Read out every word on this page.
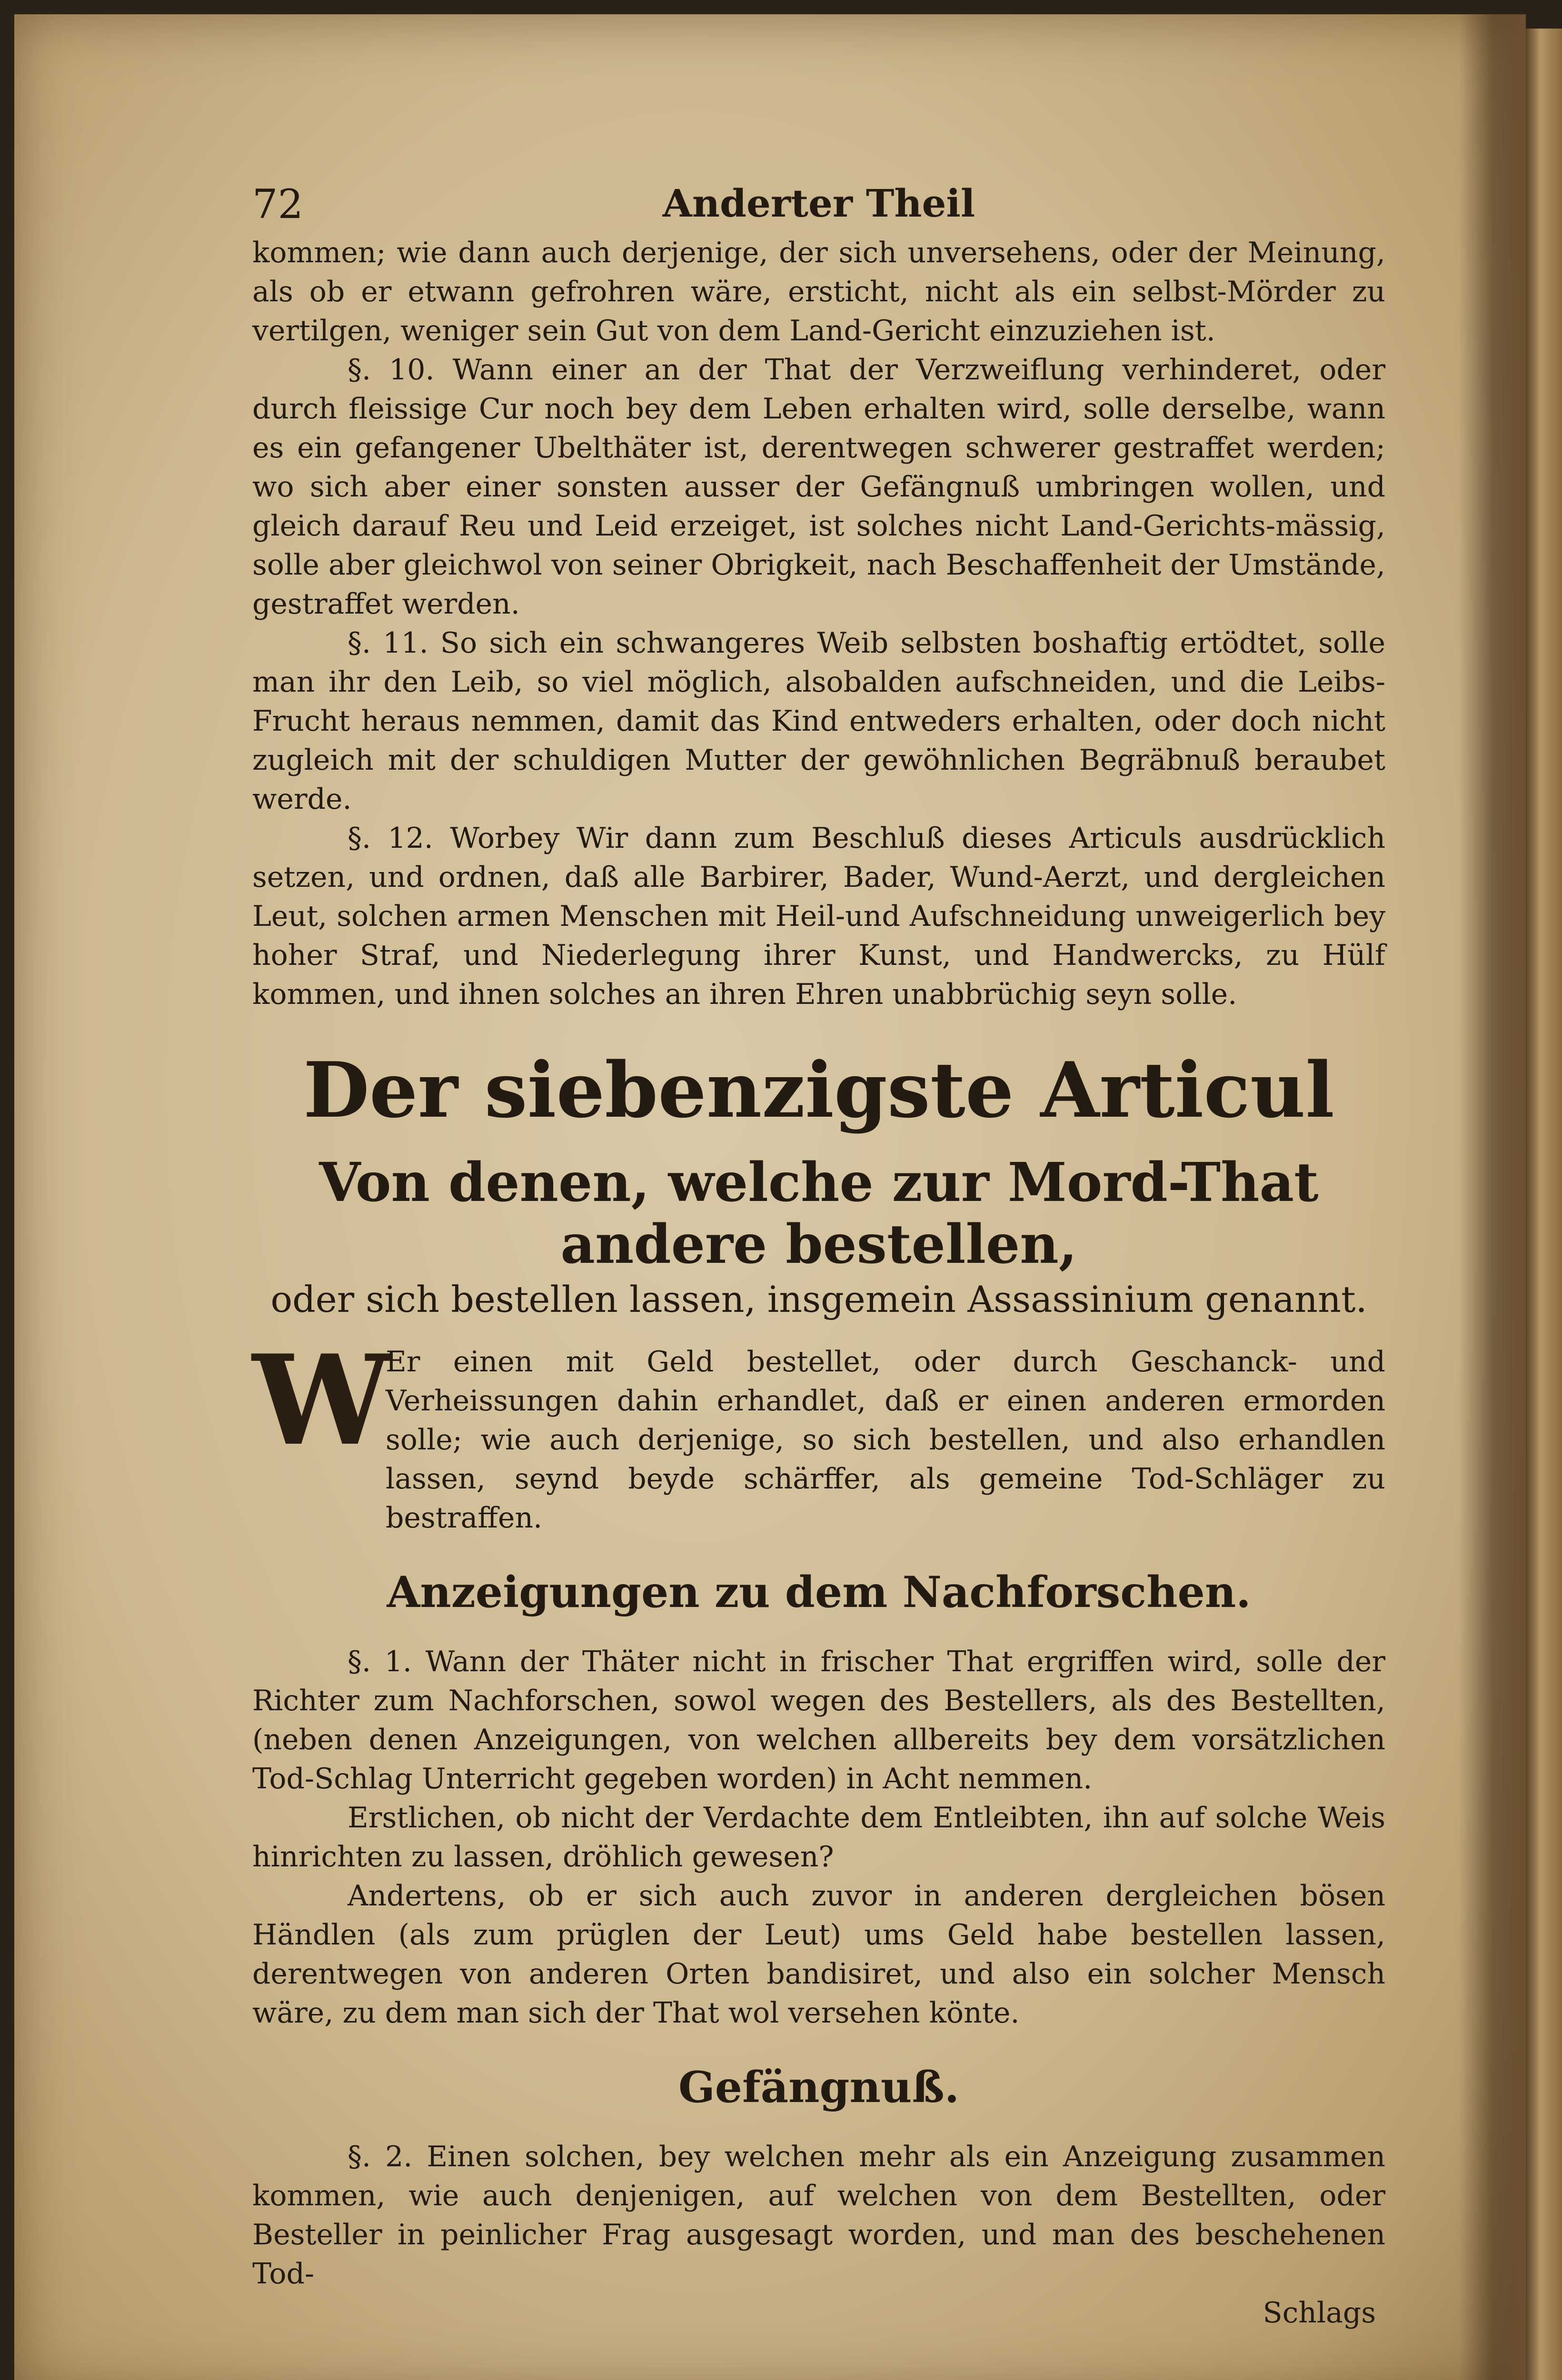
72	Anderter Theil

kommen; wie dann auch derjenige, der sich unversehens, oder der Meinung, als ob er etwann gefrohren wäre, ersticht, nicht als ein selbst-Mörder zu vertilgen, weniger sein Gut von dem Land-Gericht einzuziehen ist.

§. 10. Wann einer an der That der Verzweiflung verhinderet, oder durch fleissige Cur noch bey dem Leben erhalten wird, solle derselbe, wann es ein gefangener Ubelthäter ist, derentwegen schwerer gestraffet werden; wo sich aber einer sonsten ausser der Gefängnuß umbringen wollen, und gleich darauf Reu und Leid erzeiget, ist solches nicht Land-Gerichts-mässig, solle aber gleichwol von seiner Obrigkeit, nach Beschaffenheit der Umstände, gestraffet werden.

§. 11. So sich ein schwangeres Weib selbsten boshaftig ertödtet, solle man ihr den Leib, so viel möglich, alsobalden aufschneiden, und die Leibs-Frucht heraus nemmen, damit das Kind entweders erhalten, oder doch nicht zugleich mit der schuldigen Mutter der gewöhnlichen Begräbnuß beraubet werde.

§. 12. Worbey Wir dann zum Beschluß dieses Articuls ausdrücklich setzen, und ordnen, daß alle Barbirer, Bader, Wund-Aerzt, und dergleichen Leut, solchen armen Menschen mit Heil-und Aufschneidung unweigerlich bey hoher Straf, und Niederlegung ihrer Kunst, und Handwercks, zu Hülf kommen, und ihnen solches an ihren Ehren unabbrüchig seyn solle.

Der siebenzigste Articul

Von denen, welche zur Mord-That andere bestellen,

oder sich bestellen lassen, insgemein Assassinium genannt.

W

Er einen mit Geld bestellet, oder durch Geschanck- und Verheissungen dahin erhandlet, daß er einen anderen ermorden solle; wie auch derjenige, so sich bestellen, und also erhandlen lassen, seynd beyde schärffer, als gemeine Tod-Schläger zu bestraffen.

Anzeigungen zu dem Nachforschen.

§. 1. Wann der Thäter nicht in frischer That ergriffen wird, solle der Richter zum Nachforschen, sowol wegen des Bestellers, als des Bestellten, (neben denen Anzeigungen, von welchen allbereits bey dem vorsätzlichen Tod-Schlag Unterricht gegeben worden) in Acht nemmen.

Erstlichen, ob nicht der Verdachte dem Entleibten, ihn auf solche Weis hinrichten zu lassen, dröhlich gewesen?

Andertens, ob er sich auch zuvor in anderen dergleichen bösen Händlen (als zum prüglen der Leut) ums Geld habe bestellen lassen, derentwegen von anderen Orten bandisiret, und also ein solcher Mensch wäre, zu dem man sich der That wol versehen könte.

Gefängnuß.

§. 2. Einen solchen, bey welchen mehr als ein Anzeigung zusammen kommen, wie auch denjenigen, auf welchen von dem Bestellten, oder Besteller in peinlicher Frag ausgesagt worden, und man des beschehenen Tod-

Schlags
